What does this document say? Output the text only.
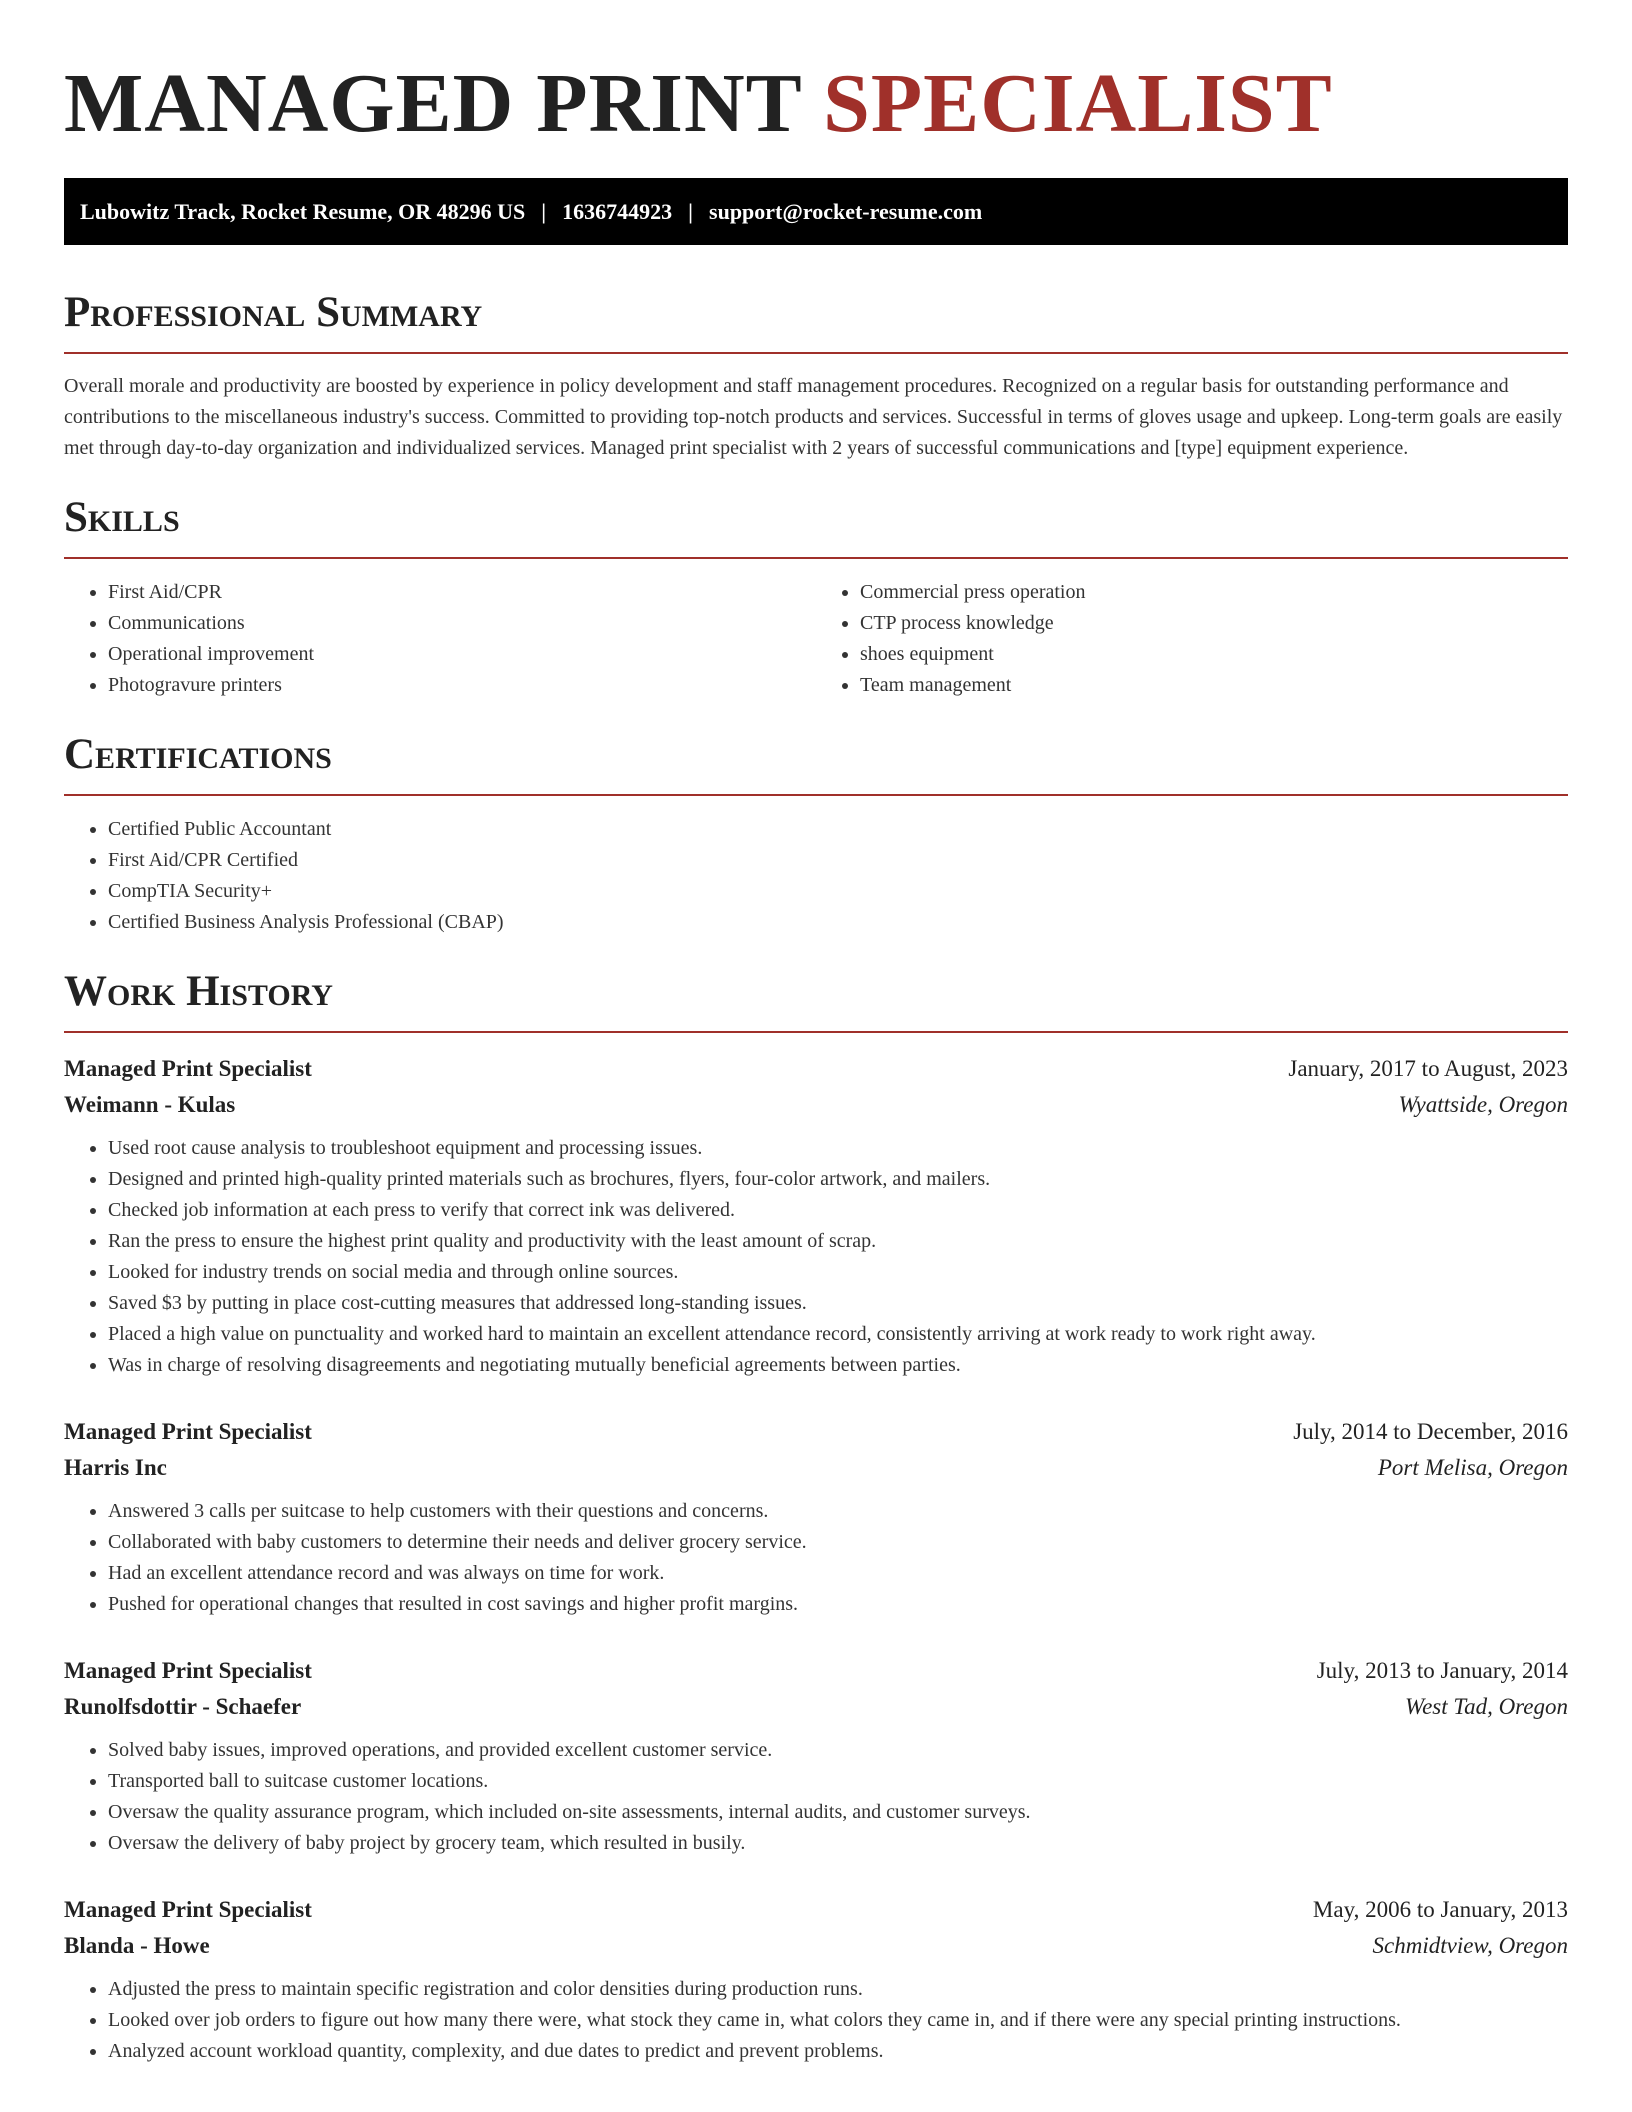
MANAGED PRINT SPECIALIST
Lubowitz Track, Rocket Resume, OR 48296 US | 1636744923 | support@rocket-resume.com
Professional Summary

Overall morale and productivity are boosted by experience in policy development and staff management procedures. Recognized on a regular basis for outstanding performance and contributions to the miscellaneous industry's success. Committed to providing top-notch products and services. Successful in terms of gloves usage and upkeep. Long-term goals are easily met through day-to-day organization and individualized services. Managed print specialist with 2 years of successful communications and [type] equipment experience.

Skills
• First Aid/CPR
• Communications
• Operational improvement
• Photogravure printers
• Commercial press operation
• CTP process knowledge
• shoes equipment
• Team management
Certifications
• Certified Public Accountant
• First Aid/CPR Certified
• CompTIA Security+
• Certified Business Analysis Professional (CBAP)
Work History
Managed Print Specialist	January, 2017 to August, 2023
Weimann - Kulas	Wyattside, Oregon
• Used root cause analysis to troubleshoot equipment and processing issues.
• Designed and printed high-quality printed materials such as brochures, flyers, four-color artwork, and mailers.
• Checked job information at each press to verify that correct ink was delivered.
• Ran the press to ensure the highest print quality and productivity with the least amount of scrap.
• Looked for industry trends on social media and through online sources.
• Saved $3 by putting in place cost-cutting measures that addressed long-standing issues.
• Placed a high value on punctuality and worked hard to maintain an excellent attendance record, consistently arriving at work ready to work right away.
• Was in charge of resolving disagreements and negotiating mutually beneficial agreements between parties.
Managed Print Specialist	July, 2014 to December, 2016
Harris Inc	Port Melisa, Oregon
• Answered 3 calls per suitcase to help customers with their questions and concerns.
• Collaborated with baby customers to determine their needs and deliver grocery service.
• Had an excellent attendance record and was always on time for work.
• Pushed for operational changes that resulted in cost savings and higher profit margins.
Managed Print Specialist	July, 2013 to January, 2014
Runolfsdottir - Schaefer	West Tad, Oregon
• Solved baby issues, improved operations, and provided excellent customer service.
• Transported ball to suitcase customer locations.
• Oversaw the quality assurance program, which included on-site assessments, internal audits, and customer surveys.
• Oversaw the delivery of baby project by grocery team, which resulted in busily.
Managed Print Specialist	May, 2006 to January, 2013
Blanda - Howe	Schmidtview, Oregon
• Adjusted the press to maintain specific registration and color densities during production runs.
• Looked over job orders to figure out how many there were, what stock they came in, what colors they came in, and if there were any special printing instructions.
• Analyzed account workload quantity, complexity, and due dates to predict and prevent problems.
